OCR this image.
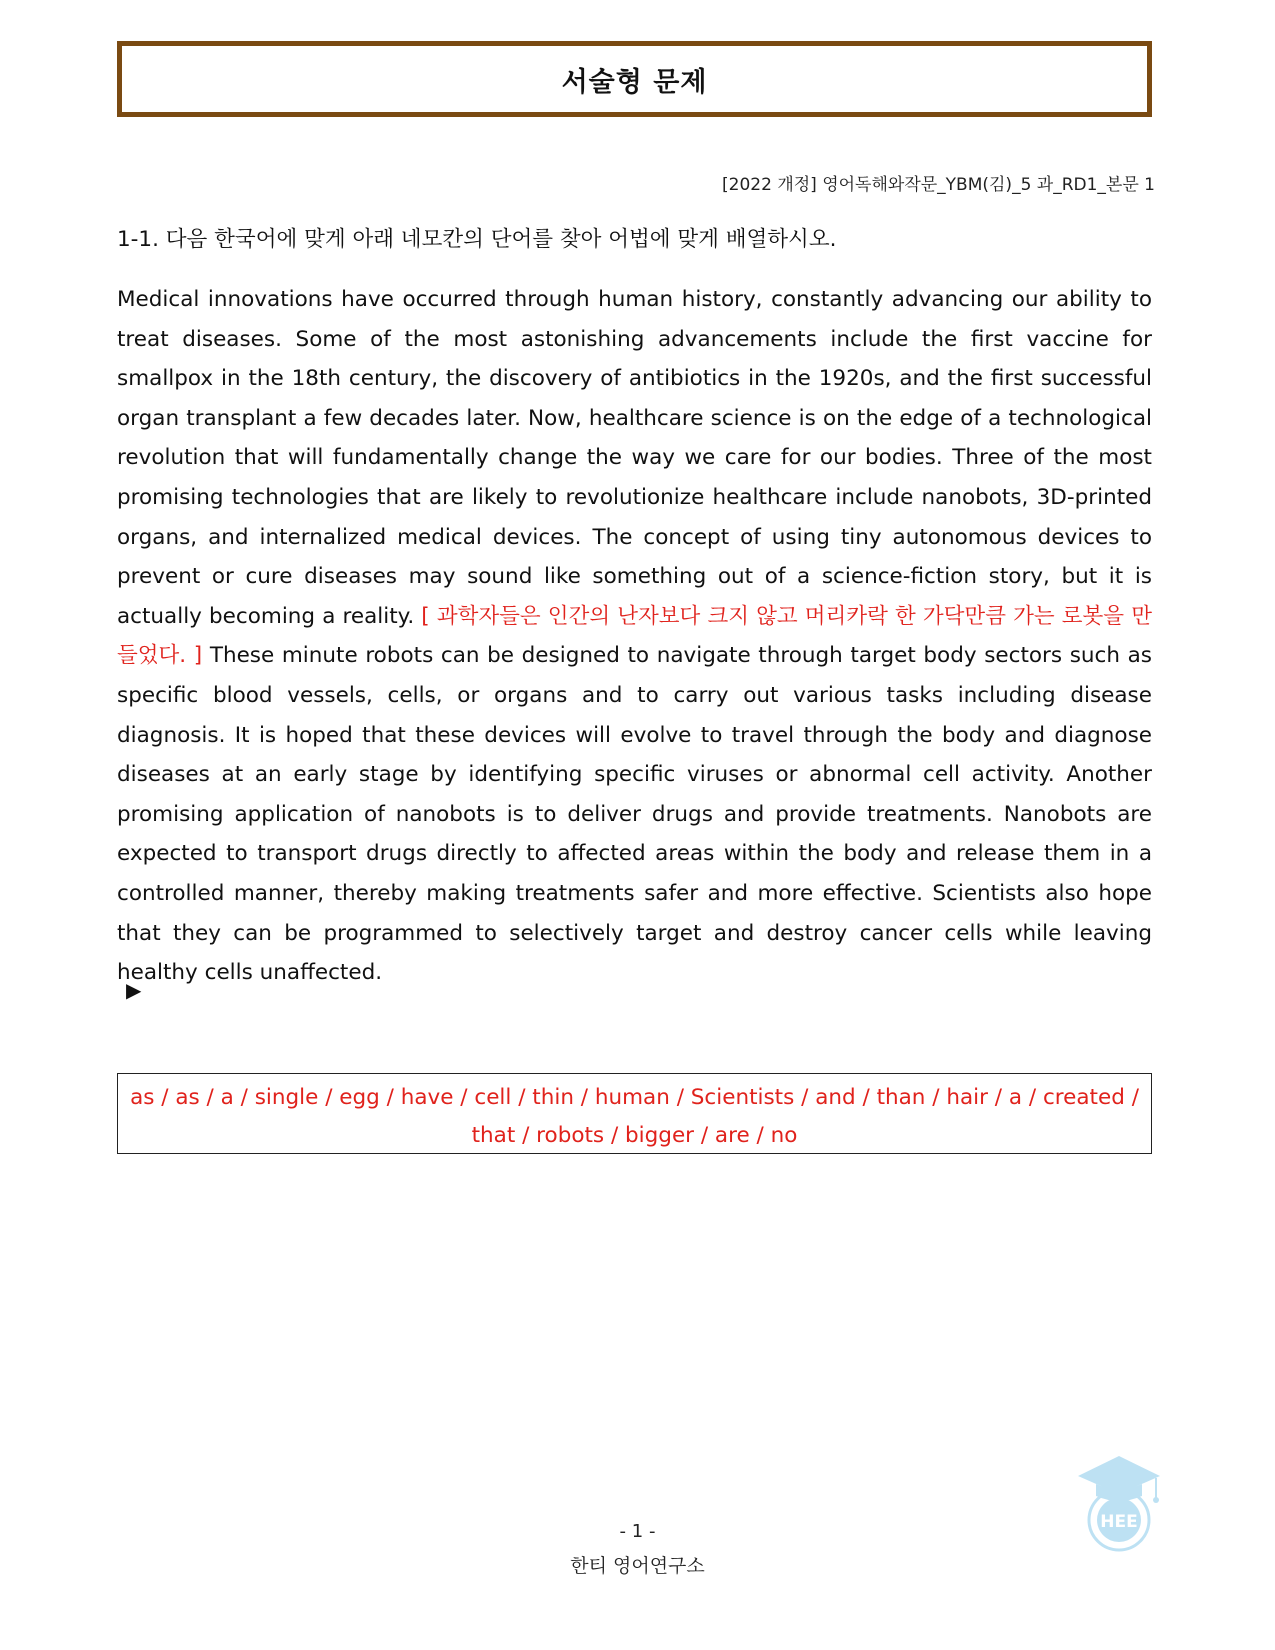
서술형 문제
[2022 개정] 영어독해와작문_YBM(김)_5 과_RD1_본문 1
1-1. 다음 한국어에 맞게 아래 네모칸의 단어를 찾아 어법에 맞게 배열하시오.

Medical innovations have occurred through human history, constantly advancing our ability to treat diseases. Some of the most astonishing advancements include the first vaccine for smallpox in the 18th century, the discovery of antibiotics in the 1920s, and the first successful organ transplant a few decades later. Now, healthcare science is on the edge of a technological revolution that will fundamentally change the way we care for our bodies. Three of the most promising technologies that are likely to revolutionize healthcare include nanobots, 3D-printed organs, and internalized medical devices. The concept of using tiny autonomous devices to prevent or cure diseases may sound like something out of a science-fiction story, but it is actually becoming a reality. [ 과학자들은 인간의 난자보다 크지 않고 머리카락 한 가닥만큼 가는 로봇을 만들었다. ] These minute robots can be designed to navigate through target body sectors such as specific blood vessels, cells, or organs and to carry out various tasks including disease diagnosis. It is hoped that these devices will evolve to travel through the body and diagnose diseases at an early stage by identifying specific viruses or abnormal cell activity. Another promising application of nanobots is to deliver drugs and provide treatments. Nanobots are expected to transport drugs directly to affected areas within the body and release them in a controlled manner, thereby making treatments safer and more effective. Scientists also hope that they can be programmed to selectively target and destroy cancer cells while leaving healthy cells unaffected.

▶
as / as / a / single / egg / have / cell / thin / human / Scientists / and / than / hair / a / created / that / robots / bigger / are / no
- 1 -
한티 영어연구소
HEE
